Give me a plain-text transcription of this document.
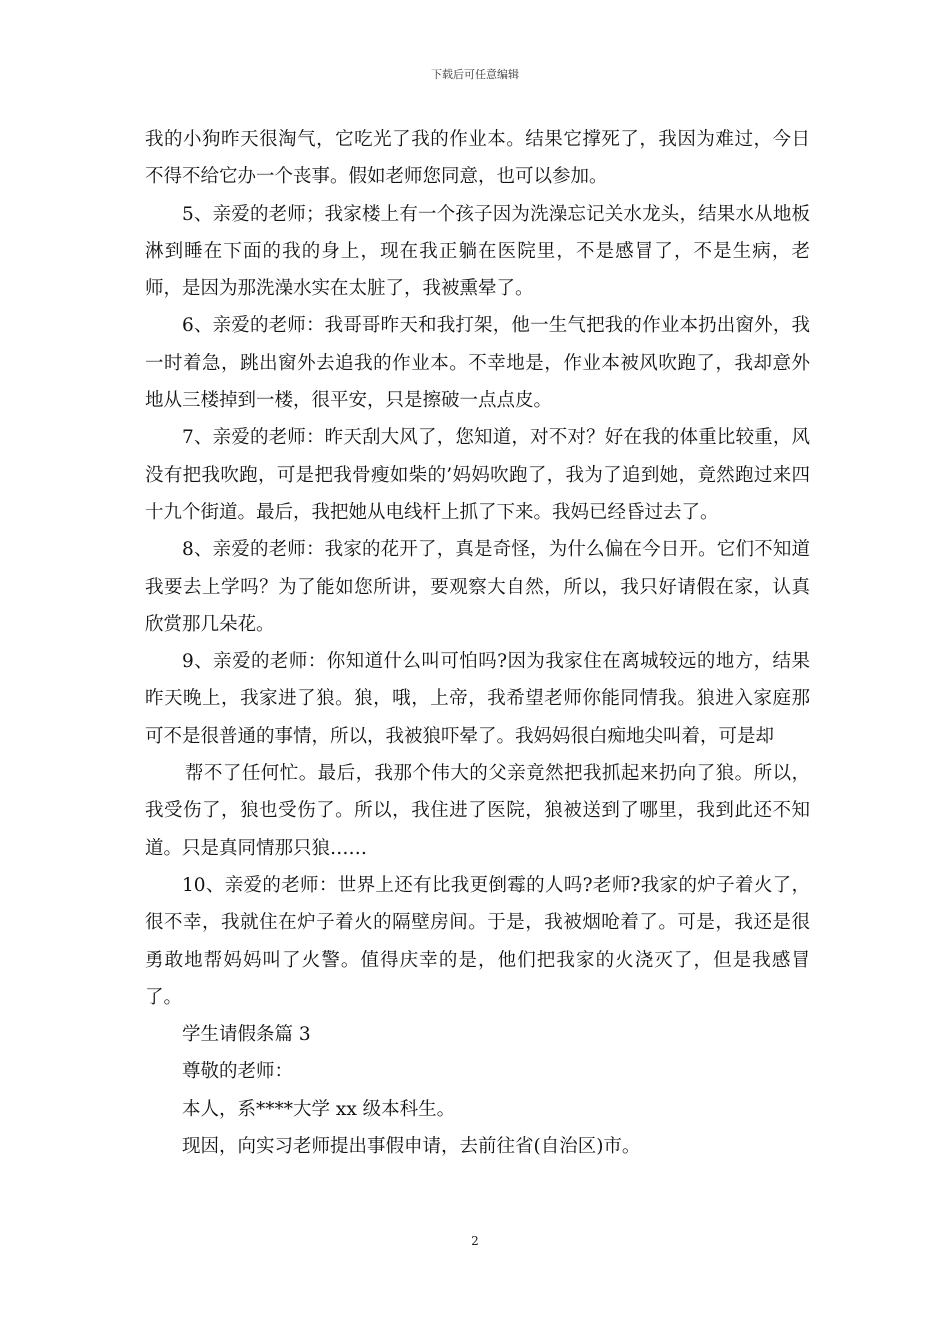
下载后可任意编辑

我的小狗昨天很淘气，它吃光了我的作业本。结果它撑死了，我因为难过，今日不得不给它办一个丧事。假如老师您同意，也可以参加。

5、亲爱的老师；我家楼上有一个孩子因为洗澡忘记关水龙头，结果水从地板淋到睡在下面的我的身上，现在我正躺在医院里，不是感冒了，不是生病，老师，是因为那洗澡水实在太脏了，我被熏晕了。

6、亲爱的老师：我哥哥昨天和我打架，他一生气把我的作业本扔出窗外，我一时着急，跳出窗外去追我的作业本。不幸地是，作业本被风吹跑了，我却意外地从三楼掉到一楼，很平安，只是擦破一点点皮。

7、亲爱的老师：昨天刮大风了，您知道，对不对？好在我的体重比较重，风没有把我吹跑，可是把我骨瘦如柴的’妈妈吹跑了，我为了追到她，竟然跑过来四十九个街道。最后，我把她从电线杆上抓了下来。我妈已经昏过去了。

8、亲爱的老师：我家的花开了，真是奇怪，为什么偏在今日开。它们不知道我要去上学吗？为了能如您所讲，要观察大自然，所以，我只好请假在家，认真欣赏那几朵花。

9、亲爱的老师：你知道什么叫可怕吗?因为我家住在离城较远的地方，结果昨天晚上，我家进了狼。狼，哦，上帝，我希望老师你能同情我。狼进入家庭那可不是很普通的事情，所以，我被狼吓晕了。我妈妈很白痴地尖叫着，可是却

帮不了任何忙。最后，我那个伟大的父亲竟然把我抓起来扔向了狼。所以，我受伤了，狼也受伤了。所以，我住进了医院，狼被送到了哪里，我到此还不知道。只是真同情那只狼……

10、亲爱的老师：世界上还有比我更倒霉的人吗?老师?我家的炉子着火了，很不幸，我就住在炉子着火的隔壁房间。于是，我被烟呛着了。可是，我还是很勇敢地帮妈妈叫了火警。值得庆幸的是，他们把我家的火浇灭了，但是我感冒了。

学生请假条篇 3

尊敬的老师：

本人，系****大学 xx 级本科生。

现因，向实习老师提出事假申请，去前往省(自治区)市。

2
